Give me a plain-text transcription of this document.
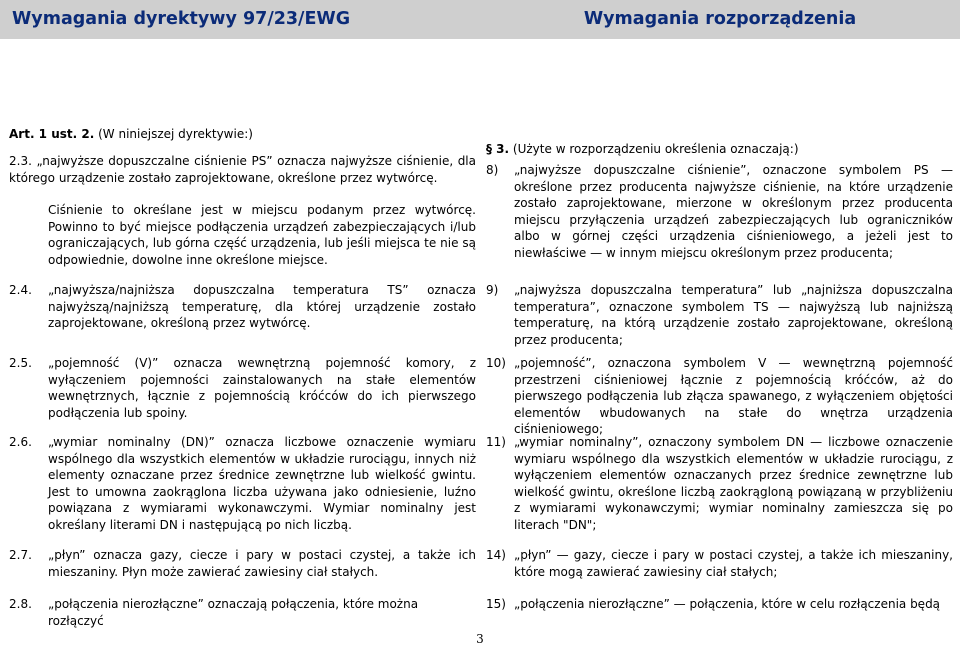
Wymagania dyrektywy 97/23/EWG	Wymagania rozporządzenia
Art. 1 ust. 2. (W niniejszej dyrektywie:)
2.3. „najwyższe dopuszczalne ciśnienie PS” oznacza najwyższe ciśnienie, dla którego urządzenie zostało zaprojektowane, określone przez wytwórcę.
Ciśnienie to określane jest w miejscu podanym przez wytwórcę. Powinno to być miejsce podłączenia urządzeń zabezpieczających i/lub ograniczających, lub górna część urządzenia, lub jeśli miejsca te nie są odpowiednie, dowolne inne określone miejsce.
2.4.	„najwyższa/najniższa dopuszczalna temperatura TS” oznacza najwyższą/najniższą temperaturę, dla której urządzenie zostało zaprojektowane, określoną przez wytwórcę.
2.5.	„pojemność (V)” oznacza wewnętrzną pojemność komory, z wyłączeniem pojemności zainstalowanych na stałe elementów wewnętrznych, łącznie z pojemnością króćców do ich pierwszego podłączenia lub spoiny.
2.6.	„wymiar nominalny (DN)” oznacza liczbowe oznaczenie wymiaru wspólnego dla wszystkich elementów w układzie rurociągu, innych niż elementy oznaczane przez średnice zewnętrzne lub wielkość gwintu. Jest to umowna zaokrąglona liczba używana jako odniesienie, luźno powiązana z wymiarami wykonawczymi. Wymiar nominalny jest określany literami DN i następującą po nich liczbą.
2.7.	„płyn” oznacza gazy, ciecze i pary w postaci czystej, a także ich mieszaniny. Płyn może zawierać zawiesiny ciał stałych.
2.8.	„połączenia nierozłączne” oznaczają połączenia, które można rozłączyć
§ 3. (Użyte w rozporządzeniu określenia oznaczają:)
8)	„najwyższe dopuszczalne ciśnienie”, oznaczone symbolem PS — określone przez producenta najwyższe ciśnienie, na które urządzenie zostało zaprojektowane, mierzone w określonym przez producenta miejscu przyłączenia urządzeń zabezpieczających lub ograniczników albo w górnej części urządzenia ciśnieniowego, a jeżeli jest to niewłaściwe — w innym miejscu określonym przez producenta;
9)	„najwyższa dopuszczalna temperatura” lub „najniższa dopuszczalna temperatura”, oznaczone symbolem TS — najwyższą lub najniższą temperaturę, na którą urządzenie zostało zaprojektowane, określoną przez producenta;
10) „pojemność”, oznaczona symbolem V — wewnętrzną pojemność przestrzeni ciśnieniowej łącznie z pojemnością króćców, aż do pierwszego podłączenia lub złącza spawanego, z wyłączeniem objętości elementów wbudowanych na stałe do wnętrza urządzenia ciśnieniowego;
11) „wymiar nominalny”, oznaczony symbolem DN — liczbowe oznaczenie wymiaru wspólnego dla wszystkich elementów w układzie rurociągu, z wyłączeniem elementów oznaczanych przez średnice zewnętrzne lub wielkość gwintu, określone liczbą zaokrągloną powiązaną w przybliżeniu z wymiarami wykonawczymi; wymiar nominalny zamieszcza się po literach "DN";
14) „płyn” — gazy, ciecze i pary w postaci czystej, a także ich mieszaniny, które mogą zawierać zawiesiny ciał stałych;
15) „połączenia nierozłączne” — połączenia, które w celu rozłączenia będą
3
